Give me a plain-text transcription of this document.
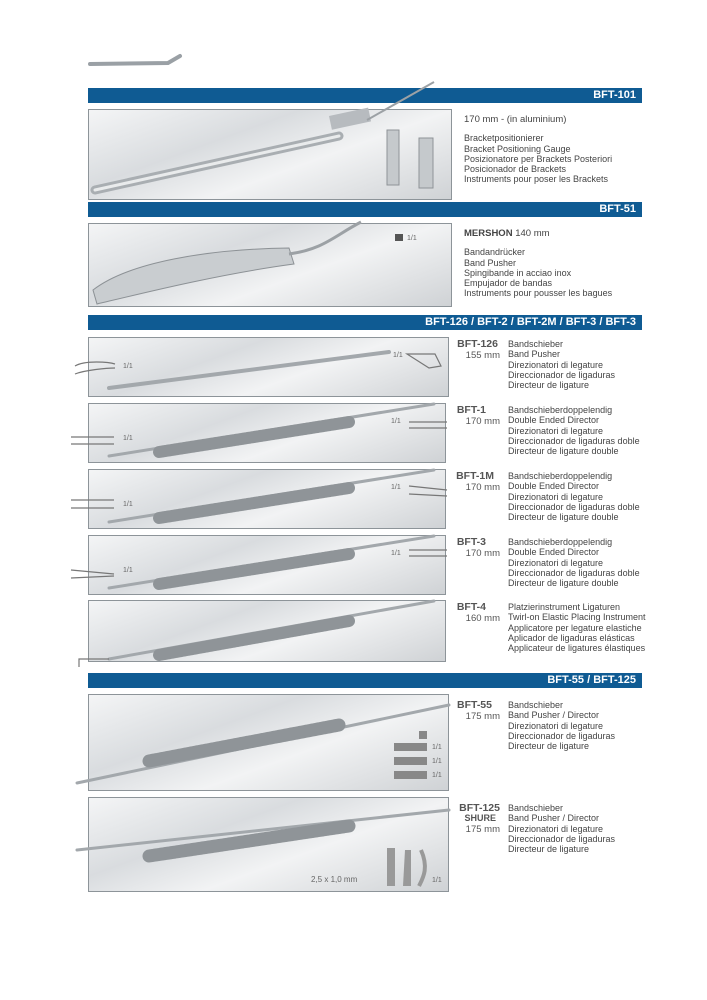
BFT-101
170 mm - (in aluminium)
Bracketpositionierer
Bracket Positioning Gauge
Posizionatore per Brackets Posteriori
Posicionador de Brackets
Instruments pour poser les Brackets
BFT-51
1/1	MERSHON 140 mm
Bandandrücker
Band Pusher
Spingibande in acciao inox
Empujador de bandas
Instruments pour pousser les bagues
BFT-126 / BFT-2 / BFT-2M / BFT-3 / BFT-3
1/1
1/1
BFT-126
155 mm
Bandschieber
Band Pusher
Direzionatori di legature
Direccionador de ligaduras
Directeur de ligature
1/1
1/1
BFT-1
170 mm
Bandschieberdoppelendig
Double Ended Director
Direzionatori di legature
Direccionador de ligaduras doble
Directeur de ligature double
1/1
1/1
BFT-1M
170 mm
Bandschieberdoppelendig
Double Ended Director
Direzionatori di legature
Direccionador de ligaduras doble
Directeur de ligature double
1/1
1/1
BFT-3
170 mm
Bandschieberdoppelendig
Double Ended Director
Direzionatori di legature
Direccionador de ligaduras doble
Directeur de ligature double
BFT-4
160 mm
Platzierinstrument Ligaturen
Twirl-on Elastic Placing Instrument
Applicatore per legature elastiche
Aplicador de ligaduras elásticas
Applicateur de ligatures élastiques
BFT-55 / BFT-125
1/1
1/1
1/1
BFT-55
175 mm
Bandschieber
Band Pusher / Director
Direzionatori di legature
Direccionador de ligaduras
Directeur de ligature
2,5 x 1,0 mm	1/1
BFT-125
SHURE
175 mm
Bandschieber
Band Pusher / Director
Direzionatori di legature
Direccionador de ligaduras
Directeur de ligature
